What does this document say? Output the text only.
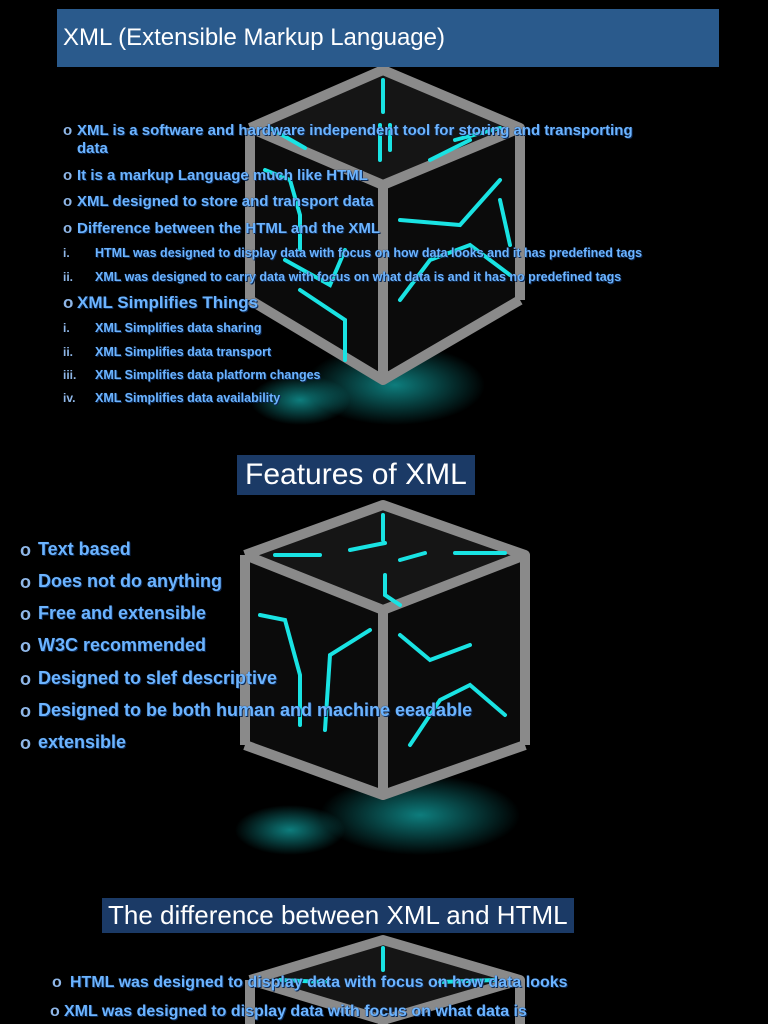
XML (Extensible Markup Language)
o XML is a software and hardware independent tool for storing and transporting
data
o It is a markup Language much like HTML
o XML designed to store and transport data
o Difference between the HTML and the XML
i. HTML was designed to display data with focus on how data looks and it has predefined tags
ii. XML was designed to carry data with focus on what data is and it has no predefined tags
o XML Simplifies Things
i. XML Simplifies data sharing
ii. XML Simplifies data transport
iii. XML Simplifies data platform changes
iv. XML Simplifies data availability
Features of XML
o Text based
o Does not do anything
o Free and extensible
o W3C recommended
o Designed to slef descriptive
o Designed to be both human and machine eeadable
o extensible
The difference between XML and HTML
o HTML was designed to display data with focus on how data looks
o XML was designed to display data with focus on what data is
